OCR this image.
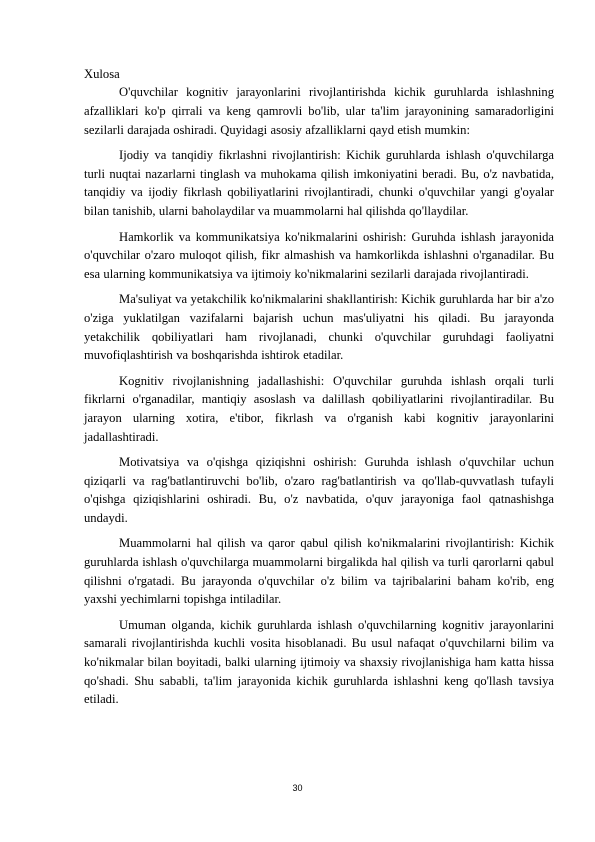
Xulosa

O'quvchilar kognitiv jarayonlarini rivojlantirishda kichik guruhlarda ishlashning afzalliklari ko'p qirrali va keng qamrovli bo'lib, ular ta'lim jarayonining samaradorligini sezilarli darajada oshiradi. Quyidagi asosiy afzalliklarni qayd etish mumkin:

Ijodiy va tanqidiy fikrlashni rivojlantirish: Kichik guruhlarda ishlash o'quvchilarga turli nuqtai nazarlarni tinglash va muhokama qilish imkoniyatini beradi. Bu, o'z navbatida, tanqidiy va ijodiy fikrlash qobiliyatlarini rivojlantiradi, chunki o'quvchilar yangi g'oyalar bilan tanishib, ularni baholaydilar va muammolarni hal qilishda qo'llaydilar.

Hamkorlik va kommunikatsiya ko'nikmalarini oshirish: Guruhda ishlash jarayonida o'quvchilar o'zaro muloqot qilish, fikr almashish va hamkorlikda ishlashni o'rganadilar. Bu esa ularning kommunikatsiya va ijtimoiy ko'nikmalarini sezilarli darajada rivojlantiradi.

Ma'suliyat va yetakchilik ko'nikmalarini shakllantirish: Kichik guruhlarda har bir a'zo o'ziga yuklatilgan vazifalarni bajarish uchun mas'uliyatni his qiladi. Bu jarayonda yetakchilik qobiliyatlari ham rivojlanadi, chunki o'quvchilar guruhdagi faoliyatni muvofiqlashtirish va boshqarishda ishtirok etadilar.

Kognitiv rivojlanishning jadallashishi: O'quvchilar guruhda ishlash orqali turli fikrlarni o'rganadilar, mantiqiy asoslash va dalillash qobiliyatlarini rivojlantiradilar. Bu jarayon ularning xotira, e'tibor, fikrlash va o'rganish kabi kognitiv jarayonlarini jadallashtiradi.

Motivatsiya va o'qishga qiziqishni oshirish: Guruhda ishlash o'quvchilar uchun qiziqarli va rag'batlantiruvchi bo'lib, o'zaro rag'batlantirish va qo'llab-quvvatlash tufayli o'qishga qiziqishlarini oshiradi. Bu, o'z navbatida, o'quv jarayoniga faol qatnashishga undaydi.

Muammolarni hal qilish va qaror qabul qilish ko'nikmalarini rivojlantirish: Kichik guruhlarda ishlash o'quvchilarga muammolarni birgalikda hal qilish va turli qarorlarni qabul qilishni o'rgatadi. Bu jarayonda o'quvchilar o'z bilim va tajribalarini baham ko'rib, eng yaxshi yechimlarni topishga intiladilar.

Umuman olganda, kichik guruhlarda ishlash o'quvchilarning kognitiv jarayonlarini samarali rivojlantirishda kuchli vosita hisoblanadi. Bu usul nafaqat o'quvchilarni bilim va ko'nikmalar bilan boyitadi, balki ularning ijtimoiy va shaxsiy rivojlanishiga ham katta hissa qo'shadi. Shu sababli, ta'lim jarayonida kichik guruhlarda ishlashni keng qo'llash tavsiya etiladi.

30
